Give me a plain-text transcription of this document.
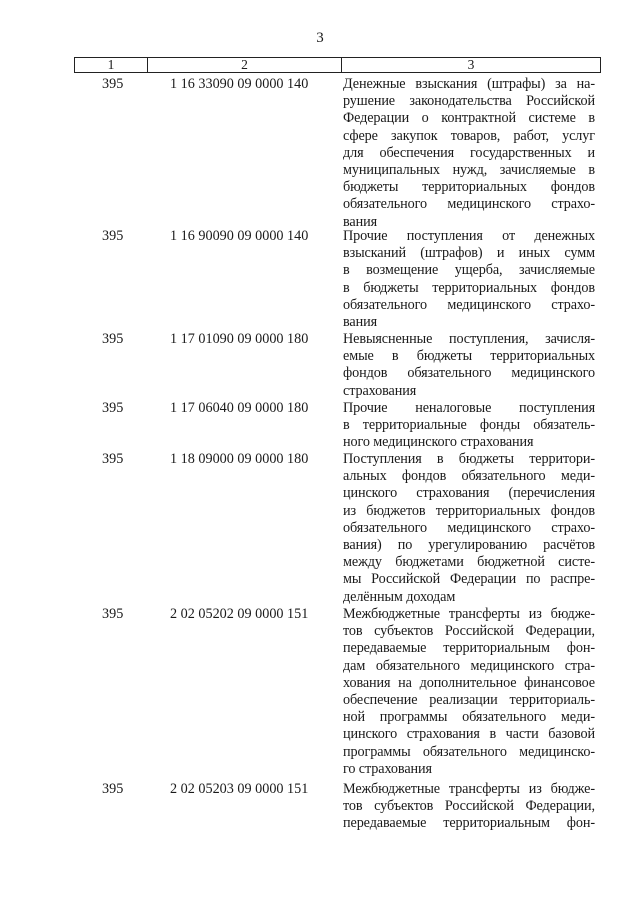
3
1	2	3
395	1 16 33090 09 0000 140 Денежные взыскания (штрафы) за на-
рушение законодательства Российской
Федерации о контрактной системе в
сфере закупок товаров, работ, услуг
для обеспечения государственных и
муниципальных нужд, зачисляемые в
бюджеты территориальных фондов
обязательного медицинского страхо-
вания
395	1 16 90090 09 0000 140 Прочие поступления от денежных
взысканий (штрафов) и иных сумм
в возмещение ущерба, зачисляемые
в бюджеты территориальных фондов
обязательного медицинского страхо-
вания
395	1 17 01090 09 0000 180 Невыясненные поступления, зачисля-
емые в бюджеты территориальных
фондов обязательного медицинского
страхования
395	1 17 06040 09 0000 180 Прочие неналоговые поступления
в территориальные фонды обязатель-
ного медицинского страхования
395	1 18 09000 09 0000 180 Поступления в бюджеты территори-
альных фондов обязательного меди-
цинского страхования (перечисления
из бюджетов территориальных фондов
обязательного медицинского страхо-
вания) по урегулированию расчётов
между бюджетами бюджетной систе-
мы Российской Федерации по распре-
делённым доходам
395	2 02 05202 09 0000 151 Межбюджетные трансферты из бюдже-
тов субъектов Российской Федерации,
передаваемые территориальным фон-
дам обязательного медицинского стра-
хования на дополнительное финансовое
обеспечение реализации территориаль-
ной программы обязательного меди-
цинского страхования в части базовой
программы обязательного медицинско-
го страхования
395	2 02 05203 09 0000 151 Межбюджетные трансферты из бюдже-
тов субъектов Российской Федерации,
передаваемые территориальным фон-
